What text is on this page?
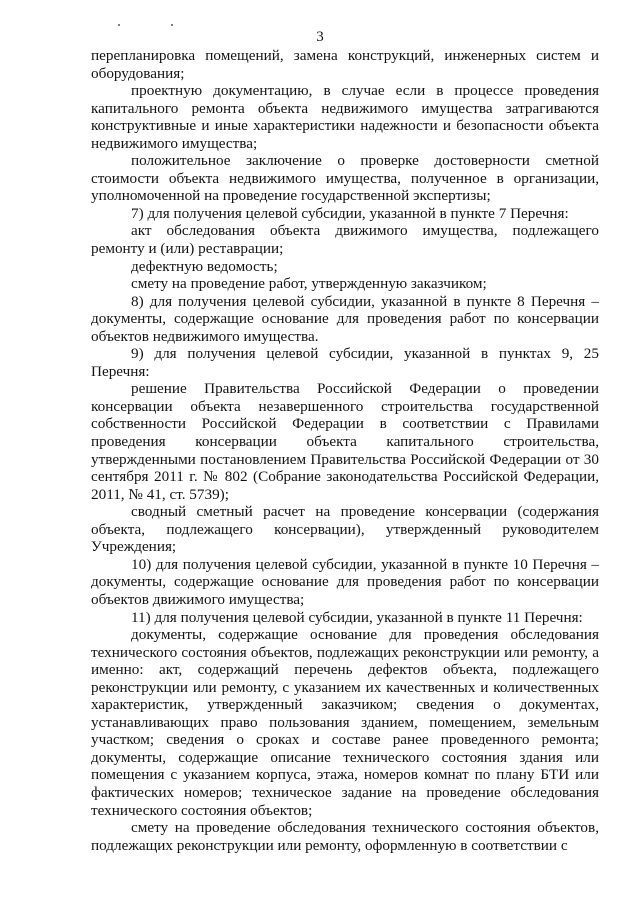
3

перепланировка помещений, замена конструкций, инженерных систем и оборудования;

проектную документацию, в случае если в процессе проведения капитального ремонта объекта недвижимого имущества затрагиваются конструктивные и иные характеристики надежности и безопасности объекта недвижимого имущества;

положительное заключение о проверке достоверности сметной стоимости объекта недвижимого имущества, полученное в организации, уполномоченной на проведение государственной экспертизы;

7) для получения целевой субсидии, указанной в пункте 7 Перечня:

акт обследования объекта движимого имущества, подлежащего ремонту и (или) реставрации;

дефектную ведомость;

смету на проведение работ, утвержденную заказчиком;

8) для получения целевой субсидии, указанной в пункте 8 Перечня – документы, содержащие основание для проведения работ по консервации объектов недвижимого имущества.

9) для получения целевой субсидии, указанной в пунктах 9, 25 Перечня:

решение Правительства Российской Федерации о проведении консервации объекта незавершенного строительства государственной собственности Российской Федерации в соответствии с Правилами проведения консервации объекта капитального строительства, утвержденными постановлением Правительства Российской Федерации от 30 сентября 2011 г. № 802 (Собрание законодательства Российской Федерации, 2011, № 41, ст. 5739);

сводный сметный расчет на проведение консервации (содержания объекта, подлежащего консервации), утвержденный руководителем Учреждения;

10) для получения целевой субсидии, указанной в пункте 10 Перечня – документы, содержащие основание для проведения работ по консервации объектов движимого имущества;

11) для получения целевой субсидии, указанной в пункте 11 Перечня:

документы, содержащие основание для проведения обследования технического состояния объектов, подлежащих реконструкции или ремонту, а именно: акт, содержащий перечень дефектов объекта, подлежащего реконструкции или ремонту, с указанием их качественных и количественных характеристик, утвержденный заказчиком; сведения о документах, устанавливающих право пользования зданием, помещением, земельным участком; сведения о сроках и составе ранее проведенного ремонта; документы, содержащие описание технического состояния здания или помещения с указанием корпуса, этажа, номеров комнат по плану БТИ или фактических номеров; техническое задание на проведение обследования технического состояния объектов;

смету на проведение обследования технического состояния объектов, подлежащих реконструкции или ремонту, оформленную в соответствии с
